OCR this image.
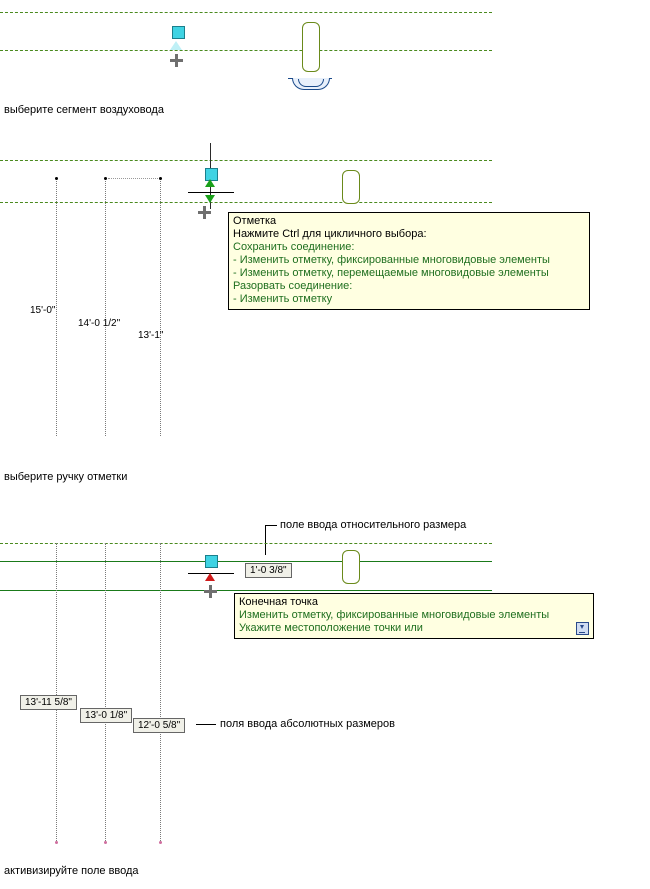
выберите сегмент воздуховода
Отметка
Нажмите Ctrl для цикличного выбора:
Сохранить соединение:
- Изменить отметку, фиксированные многовидовые элементы
- Изменить отметку, перемещаемые многовидовые элементы
Разорвать соединение:
- Изменить отметку
15'-0"
14'-0 1/2"
13'-1"
выберите ручку отметки
поле ввода относительного размера
1'-0 3/8"
Конечная точка
Изменить отметку, фиксированные многовидовые элементы
Укажите местоположение точки или
13'-11 5/8"
13'-0 1/8"
12'-0 5/8"	поля ввода абсолютных размеров
активизируйте поле ввода
